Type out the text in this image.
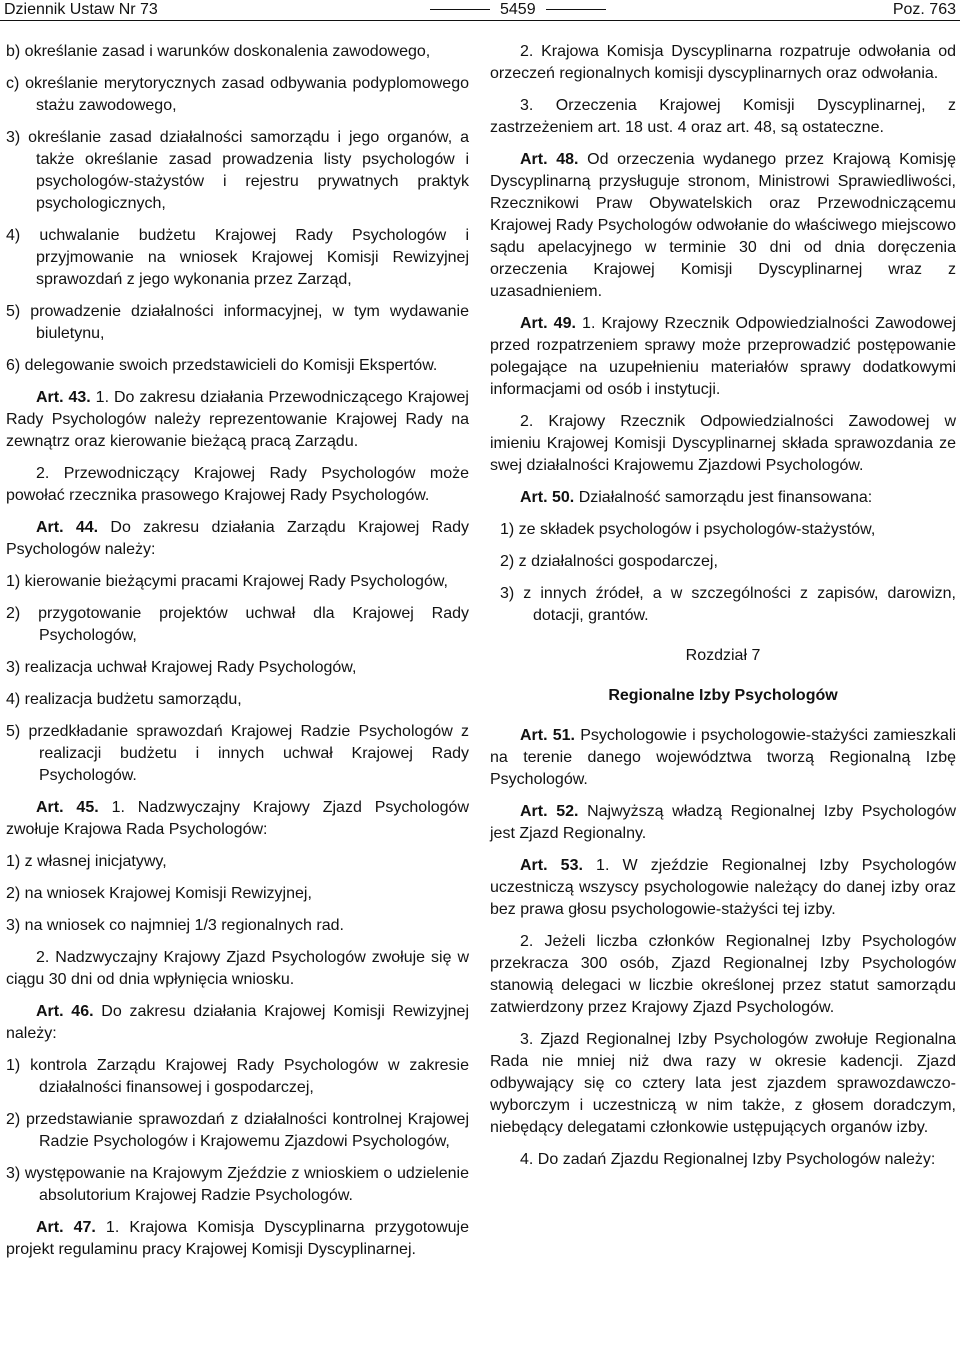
Dziennik Ustaw Nr 73	5459	Poz. 763

b) określanie zasad i warunków doskonalenia zawodowego,

c) określanie merytorycznych zasad odbywania podyplomowego stażu zawodowego,

3) określanie zasad działalności samorządu i jego organów, a także określanie zasad prowadzenia listy psychologów i psychologów-stażystów i rejestru prywatnych praktyk psychologicznych,

4) uchwalanie budżetu Krajowej Rady Psychologów i przyjmowanie na wniosek Krajowej Komisji Rewizyjnej sprawozdań z jego wykonania przez Zarząd,

5) prowadzenie działalności informacyjnej, w tym wydawanie biuletynu,

6) delegowanie swoich przedstawicieli do Komisji Ekspertów.

Art. 43. 1. Do zakresu działania Przewodniczącego Krajowej Rady Psychologów należy reprezentowanie Krajowej Rady na zewnątrz oraz kierowanie bieżącą pracą Zarządu.

2. Przewodniczący Krajowej Rady Psychologów może powołać rzecznika prasowego Krajowej Rady Psychologów.

Art. 44. Do zakresu działania Zarządu Krajowej Rady Psychologów należy:

1) kierowanie bieżącymi pracami Krajowej Rady Psychologów,

2) przygotowanie projektów uchwał dla Krajowej Rady Psychologów,

3) realizacja uchwał Krajowej Rady Psychologów,

4) realizacja budżetu samorządu,

5) przedkładanie sprawozdań Krajowej Radzie Psychologów z realizacji budżetu i innych uchwał Krajowej Rady Psychologów.

Art. 45. 1. Nadzwyczajny Krajowy Zjazd Psychologów zwołuje Krajowa Rada Psychologów:

1) z własnej inicjatywy,

2) na wniosek Krajowej Komisji Rewizyjnej,

3) na wniosek co najmniej 1/3 regionalnych rad.

2. Nadzwyczajny Krajowy Zjazd Psychologów zwołuje się w ciągu 30 dni od dnia wpłynięcia wniosku.

Art. 46. Do zakresu działania Krajowej Komisji Rewizyjnej należy:

1) kontrola Zarządu Krajowej Rady Psychologów w zakresie działalności finansowej i gospodarczej,

2) przedstawianie sprawozdań z działalności kontrolnej Krajowej Radzie Psychologów i Krajowemu Zjazdowi Psychologów,

3) występowanie na Krajowym Zjeździe z wnioskiem o udzielenie absolutorium Krajowej Radzie Psychologów.

Art. 47. 1. Krajowa Komisja Dyscyplinarna przygotowuje projekt regulaminu pracy Krajowej Komisji Dyscyplinarnej.

2. Krajowa Komisja Dyscyplinarna rozpatruje odwołania od orzeczeń regionalnych komisji dyscyplinarnych oraz odwołania.

3. Orzeczenia Krajowej Komisji Dyscyplinarnej, z zastrzeżeniem art. 18 ust. 4 oraz art. 48, są ostateczne.

Art. 48. Od orzeczenia wydanego przez Krajową Komisję Dyscyplinarną przysługuje stronom, Ministrowi Sprawiedliwości, Rzecznikowi Praw Obywatelskich oraz Przewodniczącemu Krajowej Rady Psychologów odwołanie do właściwego miejscowo sądu apelacyjnego w terminie 30 dni od dnia doręczenia orzeczenia Krajowej Komisji Dyscyplinarnej wraz z uzasadnieniem.

Art. 49. 1. Krajowy Rzecznik Odpowiedzialności Zawodowej przed rozpatrzeniem sprawy może przeprowadzić postępowanie polegające na uzupełnieniu materiałów sprawy dodatkowymi informacjami od osób i instytucji.

2. Krajowy Rzecznik Odpowiedzialności Zawodowej w imieniu Krajowej Komisji Dyscyplinarnej składa sprawozdania ze swej działalności Krajowemu Zjazdowi Psychologów.

Art. 50. Działalność samorządu jest finansowana:

1) ze składek psychologów i psychologów-stażystów,

2) z działalności gospodarczej,

3) z innych źródeł, a w szczególności z zapisów, darowizn, dotacji, grantów.

Rozdział 7

Regionalne Izby Psychologów

Art. 51. Psychologowie i psychologowie-stażyści zamieszkali na terenie danego województwa tworzą Regionalną Izbę Psychologów.

Art. 52. Najwyższą władzą Regionalnej Izby Psychologów jest Zjazd Regionalny.

Art. 53. 1. W zjeździe Regionalnej Izby Psychologów uczestniczą wszyscy psychologowie należący do danej izby oraz bez prawa głosu psychologowie-stażyści tej izby.

2. Jeżeli liczba członków Regionalnej Izby Psychologów przekracza 300 osób, Zjazd Regionalnej Izby Psychologów stanowią delegaci w liczbie określonej przez statut samorządu zatwierdzony przez Krajowy Zjazd Psychologów.

3. Zjazd Regionalnej Izby Psychologów zwołuje Regionalna Rada nie mniej niż dwa razy w okresie kadencji. Zjazd odbywający się co cztery lata jest zjazdem sprawozdawczo-wyborczym i uczestniczą w nim także, z głosem doradczym, niebędący delegatami członkowie ustępujących organów izby.

4. Do zadań Zjazdu Regionalnej Izby Psychologów należy:
